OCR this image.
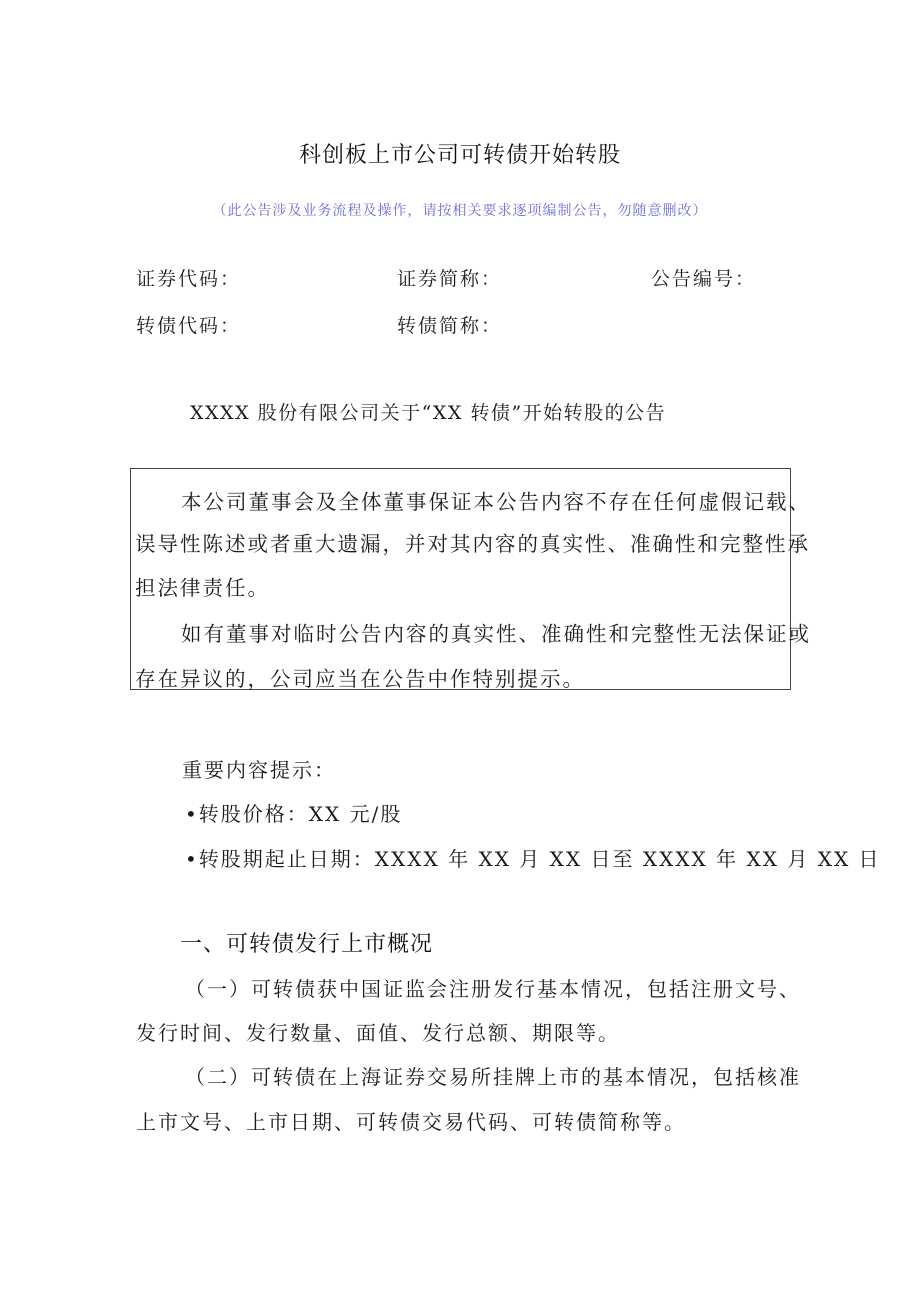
科创板上市公司可转债开始转股
（此公告涉及业务流程及操作，请按相关要求逐项编制公告，勿随意删改）
证券代码：	证券简称：	公告编号：
转债代码：	转债简称：
XXXX 股份有限公司关于“XX 转债”开始转股的公告

本公司董事会及全体董事保证本公告内容不存在任何虚假记载、

误导性陈述或者重大遗漏，并对其内容的真实性、准确性和完整性承

担法律责任。

如有董事对临时公告内容的真实性、准确性和完整性无法保证或

存在异议的，公司应当在公告中作特别提示。

重要内容提示：
•转股价格：XX 元/股
•转股期起止日期：XXXX 年 XX 月 XX 日至 XXXX 年 XX 月 XX 日
一、可转债发行上市概况
（一）可转债获中国证监会注册发行基本情况，包括注册文号、
发行时间、发行数量、面值、发行总额、期限等。
（二）可转债在上海证券交易所挂牌上市的基本情况，包括核准
上市文号、上市日期、可转债交易代码、可转债简称等。
